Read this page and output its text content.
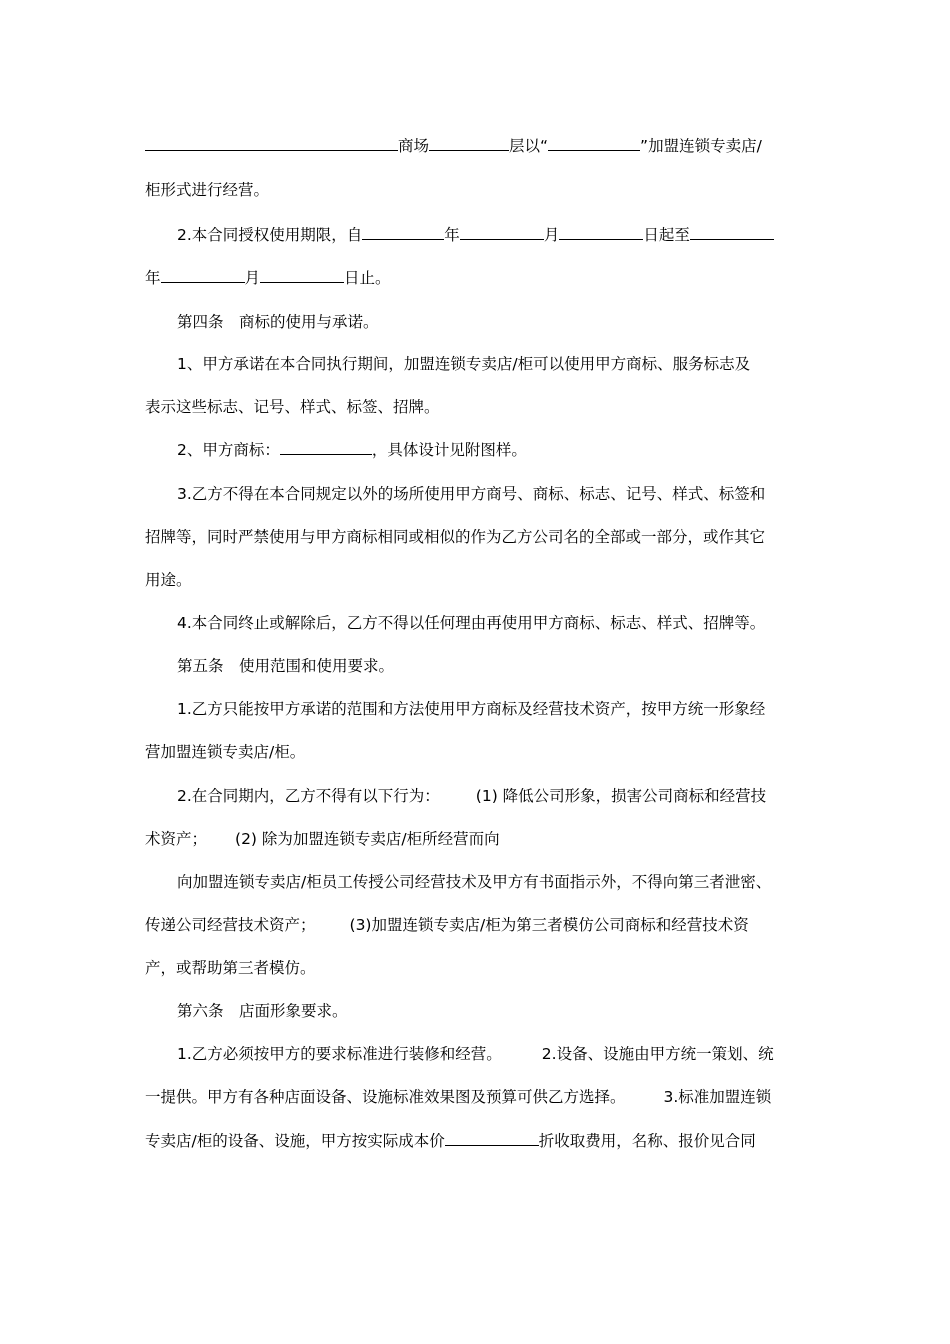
商场	层以“	”加盟连锁专卖店/
柜形式进行经营。
2.本合同授权使用期限，自	年	月	日起至
年	月	日止。
第四条　商标的使用与承诺。
1、甲方承诺在本合同执行期间，加盟连锁专卖店/柜可以使用甲方商标、服务标志及
表示这些标志、记号、样式、标签、招牌。
2、甲方商标：	，具体设计见附图样。
3.乙方不得在本合同规定以外的场所使用甲方商号、商标、标志、记号、样式、标签和
招牌等，同时严禁使用与甲方商标相同或相似的作为乙方公司名的全部或一部分，或作其它
用途。
4.本合同终止或解除后，乙方不得以任何理由再使用甲方商标、标志、样式、招牌等。
第五条　使用范围和使用要求。
1.乙方只能按甲方承诺的范围和方法使用甲方商标及经营技术资产，按甲方统一形象经
营加盟连锁专卖店/柜。
2.在合同期内，乙方不得有以下行为： (1) 降低公司形象，损害公司商标和经营技
术资产； (2) 除为加盟连锁专卖店/柜所经营而向
向加盟连锁专卖店/柜员工传授公司经营技术及甲方有书面指示外，不得向第三者泄密、
传递公司经营技术资产； (3)加盟连锁专卖店/柜为第三者模仿公司商标和经营技术资
产，或帮助第三者模仿。
第六条　店面形象要求。
1.乙方必须按甲方的要求标准进行装修和经营。	2.设备、设施由甲方统一策划、统
一提供。甲方有各种店面设备、设施标准效果图及预算可供乙方选择。 3.标准加盟连锁
专卖店/柜的设备、设施，甲方按实际成本价	折收取费用，名称、报价见合同
